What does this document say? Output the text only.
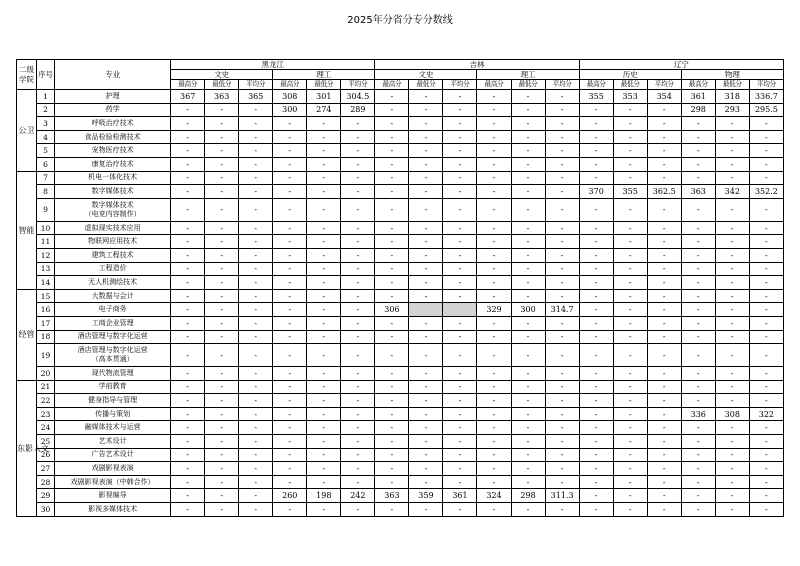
2025年分省分专分数线
二级学院	序号	专业	黑龙江						吉林						辽宁					
			文史			理工			文史			理工			历史			物理		
			最高分	最低分	平均分	最高分	最低分	平均分	最高分	最低分	平均分	最高分	最低分	平均分	最高分	最低分	平均分	最高分	最低分	平均分
公卫	1	护理	367	363	365	308	301	304.5	-	-	-	-	-	-	355	353	354	361	318	336.7
	2	药学	-	-	-	300	274	289	-	-	-	-	-	-	-	-	-	298	293	295.5
	3	呼吸治疗技术	-	-	-	-	-	-	-	-	-	-	-	-	-	-	-	-	-	-
	4	食品检验检测技术	-	-	-	-	-	-	-	-	-	-	-	-	-	-	-	-	-	-
	5	宠物医疗技术	-	-	-	-	-	-	-	-	-	-	-	-	-	-	-	-	-	-
	6	康复治疗技术	-	-	-	-	-	-	-	-	-	-	-	-	-	-	-	-	-	-
智能	7	机电一体化技术	-	-	-	-	-	-	-	-	-	-	-	-	-	-	-	-	-	-
	8	数字媒体技术	-	-	-	-	-	-	-	-	-	-	-	-	370	355	362.5	363	342	352.2
	9	数字媒体技术
（电竞内容制作）	-	-	-	-	-	-	-	-	-	-	-	-	-	-	-	-	-	-
	10	虚拟现实技术应用	-	-	-	-	-	-	-	-	-	-	-	-	-	-	-	-	-	-
	11	物联网应用技术	-	-	-	-	-	-	-	-	-	-	-	-	-	-	-	-	-	-
	12	建筑工程技术	-	-	-	-	-	-	-	-	-	-	-	-	-	-	-	-	-	-
	13	工程造价	-	-	-	-	-	-	-	-	-	-	-	-	-	-	-	-	-	-
	14	无人机测绘技术	-	-	-	-	-	-	-	-	-	-	-	-	-	-	-	-	-	-
经管	15	大数据与会计	-	-	-	-	-	-	-	-	-	-	-	-	-	-	-	-	-	-
	16	电子商务	-	-	-	-	-	-	306			329	300	314.7	-	-	-	-	-	-
	17	工商企业管理	-	-	-	-	-	-	-	-	-	-	-	-	-	-	-	-	-	-
	18	酒店管理与数字化运营	-	-	-	-	-	-	-	-	-	-	-	-	-	-	-	-	-	-
	19	酒店管理与数字化运营
（高本贯通）	-	-	-	-	-	-	-	-	-	-	-	-	-	-	-	-	-	-
	20	现代物流管理	-	-	-	-	-	-	-	-	-	-	-	-	-	-	-	-	-	-
东影人文	21	学前教育	-	-	-	-	-	-	-	-	-	-	-	-	-	-	-	-	-	-
	22	健身指导与管理	-	-	-	-	-	-	-	-	-	-	-	-	-	-	-	-	-	-
	23	传播与策划	-	-	-	-	-	-	-	-	-	-	-	-	-	-	-	336	308	322
	24	融媒体技术与运营	-	-	-	-	-	-	-	-	-	-	-	-	-	-	-	-	-	-
	25	艺术设计	-	-	-	-	-	-	-	-	-	-	-	-	-	-	-	-	-	-
	26	广告艺术设计	-	-	-	-	-	-	-	-	-	-	-	-	-	-	-	-	-	-
	27	戏剧影视表演	-	-	-	-	-	-	-	-	-	-	-	-	-	-	-	-	-	-
	28	戏剧影视表演（中韩合作）	-	-	-	-	-	-	-	-	-	-	-	-	-	-	-	-	-	-
	29	影视编导	-	-	-	260	198	242	363	359	361	324	298	311.3	-	-	-	-	-	-
	30	影视多媒体技术	-	-	-	-	-	-	-	-	-	-	-	-	-	-	-	-	-	-
